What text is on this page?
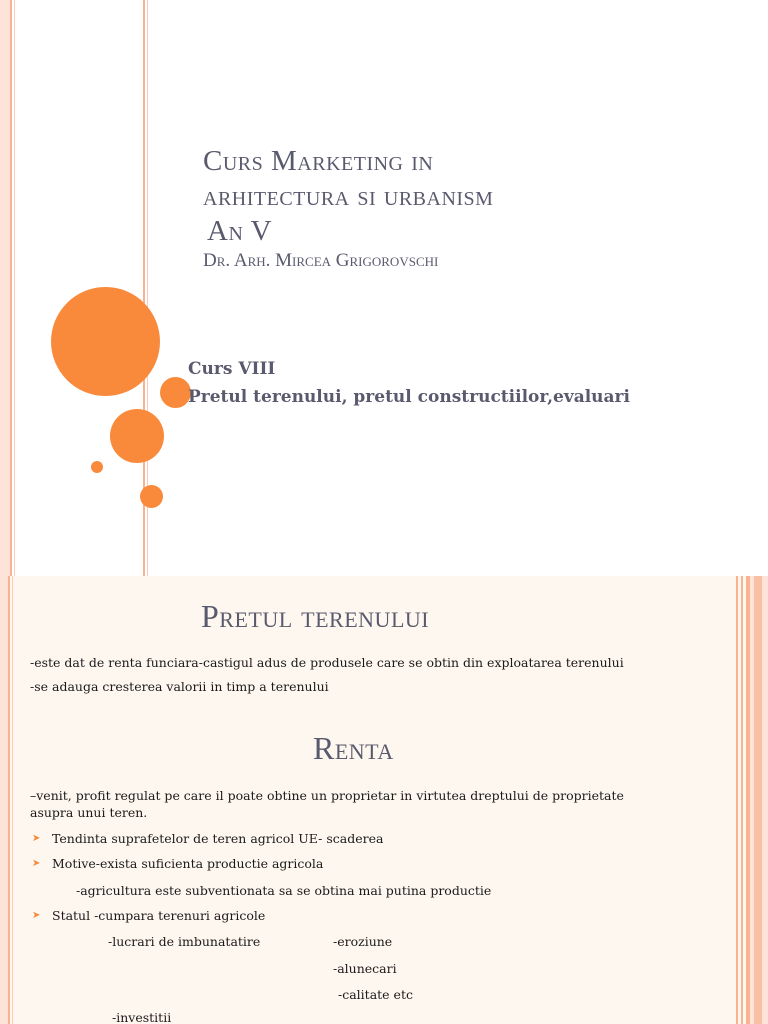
Curs Marketing in
arhitectura si urbanism
An V
Dr. Arh. Mircea Grigorovschi
Curs VIII
Pretul terenului, pretul constructiilor,evaluari
Pretul terenului
-este dat de renta funciara-castigul adus de produsele care se obtin din exploatarea terenului
-se adauga cresterea valorii in timp a terenului
Renta
–venit, profit regulat pe care il poate obtine un proprietar in virtutea dreptului de proprietate
asupra unui teren.
➤ Tendinta suprafetelor de teren agricol UE- scaderea
➤ Motive-exista suficienta productie agricola
-agricultura este subventionata sa se obtina mai putina productie
➤ Statul -cumpara terenuri agricole
-lucrari de imbunatatire	-eroziune
-alunecari
-calitate etc
-investitii
